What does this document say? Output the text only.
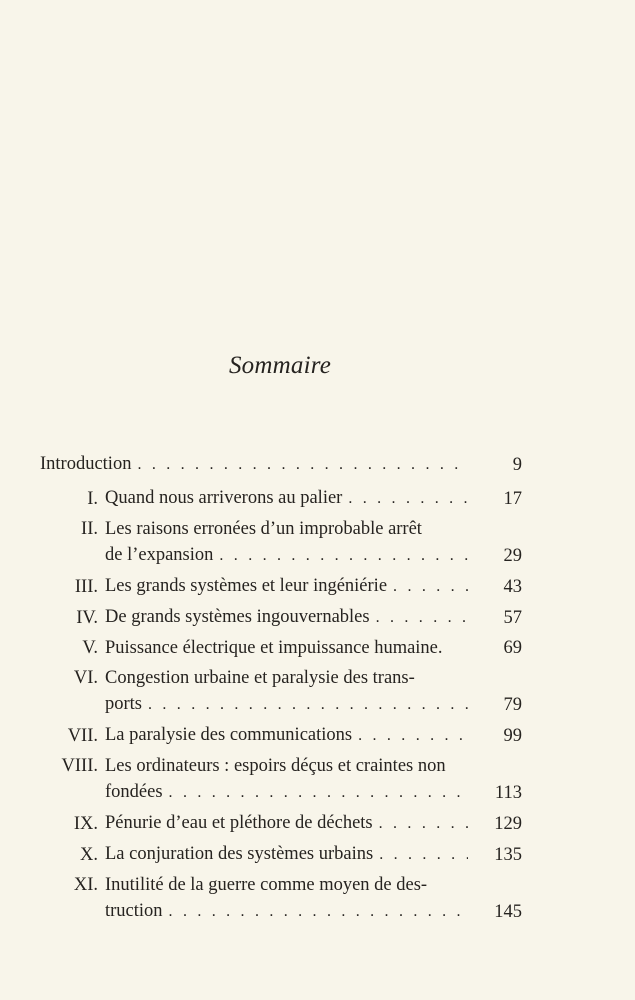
Sommaire
Introduction . . .	9
I. Quand nous arriverons au palier . . .	17
II. Les raisons erronées d’un improbable arrêt
de l’expansion . . .	29
III. Les grands systèmes et leur ingéniérie . . .	43
IV. De grands systèmes ingouvernables . . .	57
V. Puissance électrique et impuissance humaine.	69
VI. Congestion urbaine et paralysie des trans-
ports . . .	79
VII. La paralysie des communications . . .	99
VIII. Les ordinateurs : espoirs déçus et craintes non
fondées . . .	113
IX. Pénurie d’eau et pléthore de déchets . . .	129
X. La conjuration des systèmes urbains . . .	135
XI. Inutilité de la guerre comme moyen de des-
truction . . .	145
